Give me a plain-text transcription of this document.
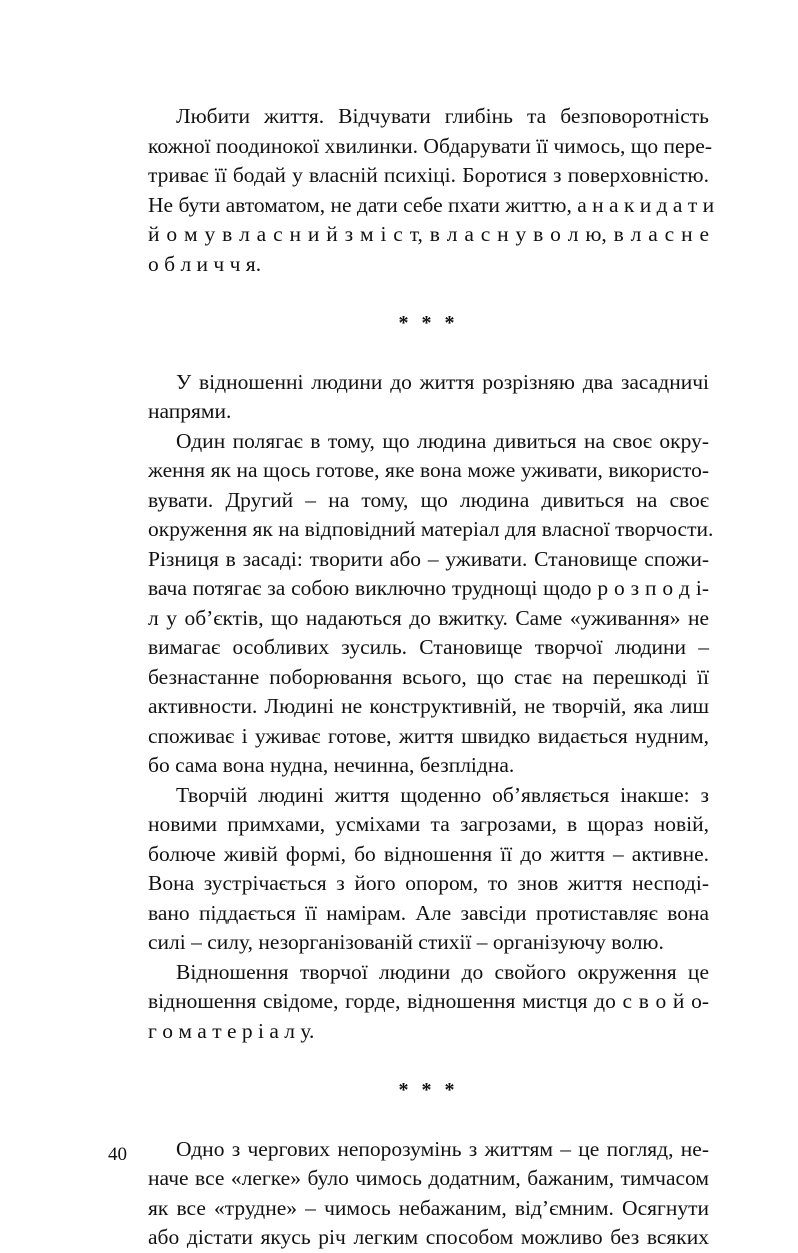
Любити життя. Відчувати глибінь та безповоротність
кожної поодинокої хвилинки. Обдарувати її чимось, що пере-
триває її бодай у власній психіці. Боротися з поверховністю.
Не бути автоматом, не дати себе пхати життю, а н а к и д а т и
й о м у в л а с н и й з м і с т, в л а с н у в о л ю, в л а с н е
о б л и ч ч я.
* * *
У відношенні людини до життя розрізняю два засадничі
напрями.
Один полягає в тому, що людина дивиться на своє окру-
ження як на щось готове, яке вона може уживати, використо-
вувати. Другий – на тому, що людина дивиться на своє
окруження як на відповідний матеріал для власної творчости.
Різниця в засаді: творити або – уживати. Становище спожи-
вача потягає за собою виключно труднощі щодо р о з п о д і-
л у об’єктів, що надаються до вжитку. Саме «уживання» не
вимагає особливих зусиль. Становище творчої людини –
безнастанне поборювання всього, що стає на перешкоді її
активности. Людині не конструктивній, не творчій, яка лиш
споживає і уживає готове, життя швидко видається нудним,
бо сама вона нудна, нечинна, безплідна.
Творчій людині життя щоденно об’являється інакше: з
новими примхами, усміхами та загрозами, в щораз новій,
болюче живій формі, бо відношення її до життя – активне.
Вона зустрічається з його опором, то знов життя несподі-
вано піддається її намірам. Але завсіди протиставляє вона
силі – силу, незорганізованій стихії – організуючу волю.
Відношення творчої людини до свойого окруження це
відношення свідоме, горде, відношення мистця до с в о й о-
г о м а т е р і а л у.
* * *
Одно з чергових непорозумінь з життям – це погляд, не-
наче все «легке» було чимось додатним, бажаним, тимчасом
як все «трудне» – чимось небажаним, від’ємним. Осягнути
або дістати якусь річ легким способом можливо без всяких
40
